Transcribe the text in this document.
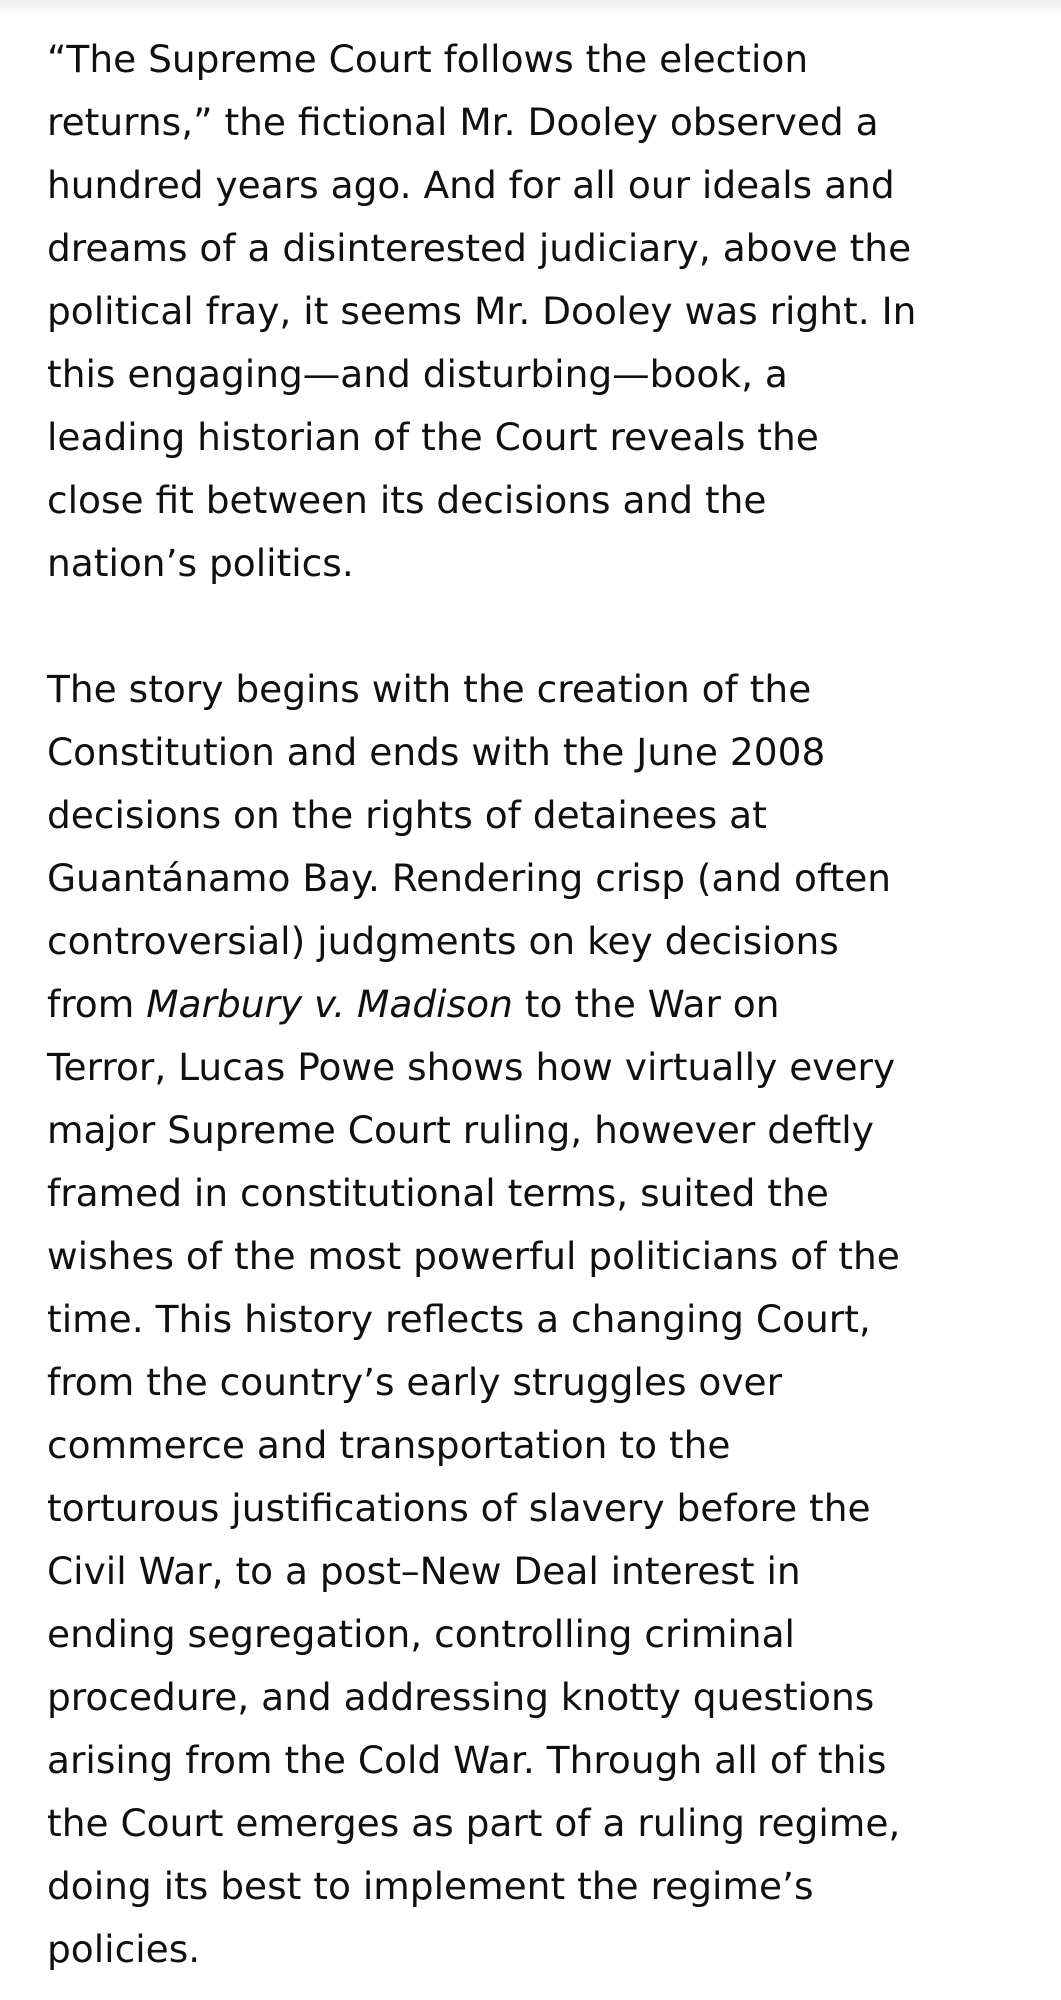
“The Supreme Court follows the election
returns,” the fictional Mr. Dooley observed a
hundred years ago. And for all our ideals and
dreams of a disinterested judiciary, above the
political fray, it seems Mr. Dooley was right. In
this engaging—and disturbing—book, a
leading historian of the Court reveals the
close fit between its decisions and the
nation’s politics.
The story begins with the creation of the
Constitution and ends with the June 2008
decisions on the rights of detainees at
Guantánamo Bay. Rendering crisp (and often
controversial) judgments on key decisions
from Marbury v. Madison to the War on
Terror, Lucas Powe shows how virtually every
major Supreme Court ruling, however deftly
framed in constitutional terms, suited the
wishes of the most powerful politicians of the
time. This history reflects a changing Court,
from the country’s early struggles over
commerce and transportation to the
torturous justifications of slavery before the
Civil War, to a post–New Deal interest in
ending segregation, controlling criminal
procedure, and addressing knotty questions
arising from the Cold War. Through all of this
the Court emerges as part of a ruling regime,
doing its best to implement the regime’s
policies.
